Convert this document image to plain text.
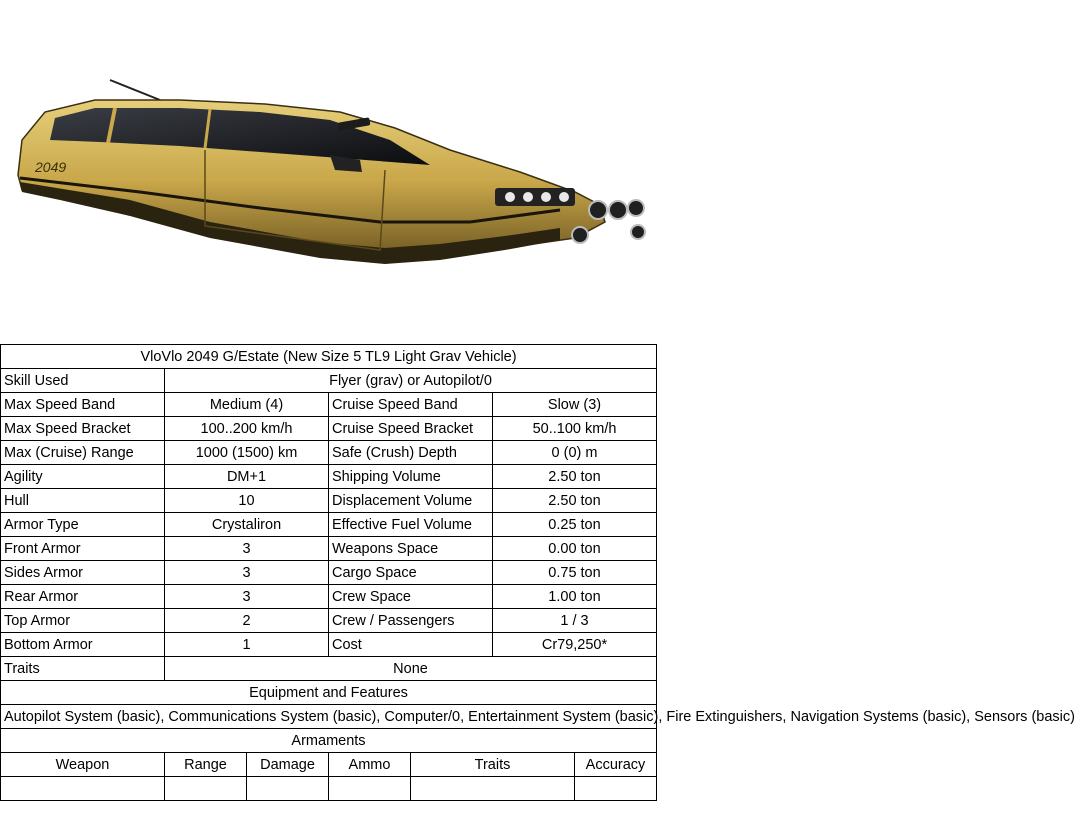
2049
VloVlo 2049 G/Estate (New Size 5 TL9 Light Grav Vehicle)						
Skill Used	Flyer (grav) or Autopilot/0					
Max Speed Band	Medium (4)		Cruise Speed Band		Slow (3)	
Max Speed Bracket	100..200 km/h		Cruise Speed Bracket		50..100 km/h	
Max (Cruise) Range	1000 (1500) km		Safe (Crush) Depth		0 (0) m	
Agility	DM+1		Shipping Volume		2.50 ton	
Hull	10		Displacement Volume		2.50 ton	
Armor Type	Crystaliron		Effective Fuel Volume		0.25 ton	
Front Armor	3		Weapons Space		0.00 ton	
Sides Armor	3		Cargo Space		0.75 ton	
Rear Armor	3		Crew Space		1.00 ton	
Top Armor	2		Crew / Passengers		1 / 3	
Bottom Armor	1		Cost		Cr79,250*	
Traits	None					
Equipment and Features						
Autopilot System (basic), Communications System (basic), Computer/0, Entertainment System (basic), Fire Extinguishers, Navigation Systems (basic), Sensors (basic)						
Armaments						
Weapon	Range	Damage	Ammo	Traits		Accuracy
